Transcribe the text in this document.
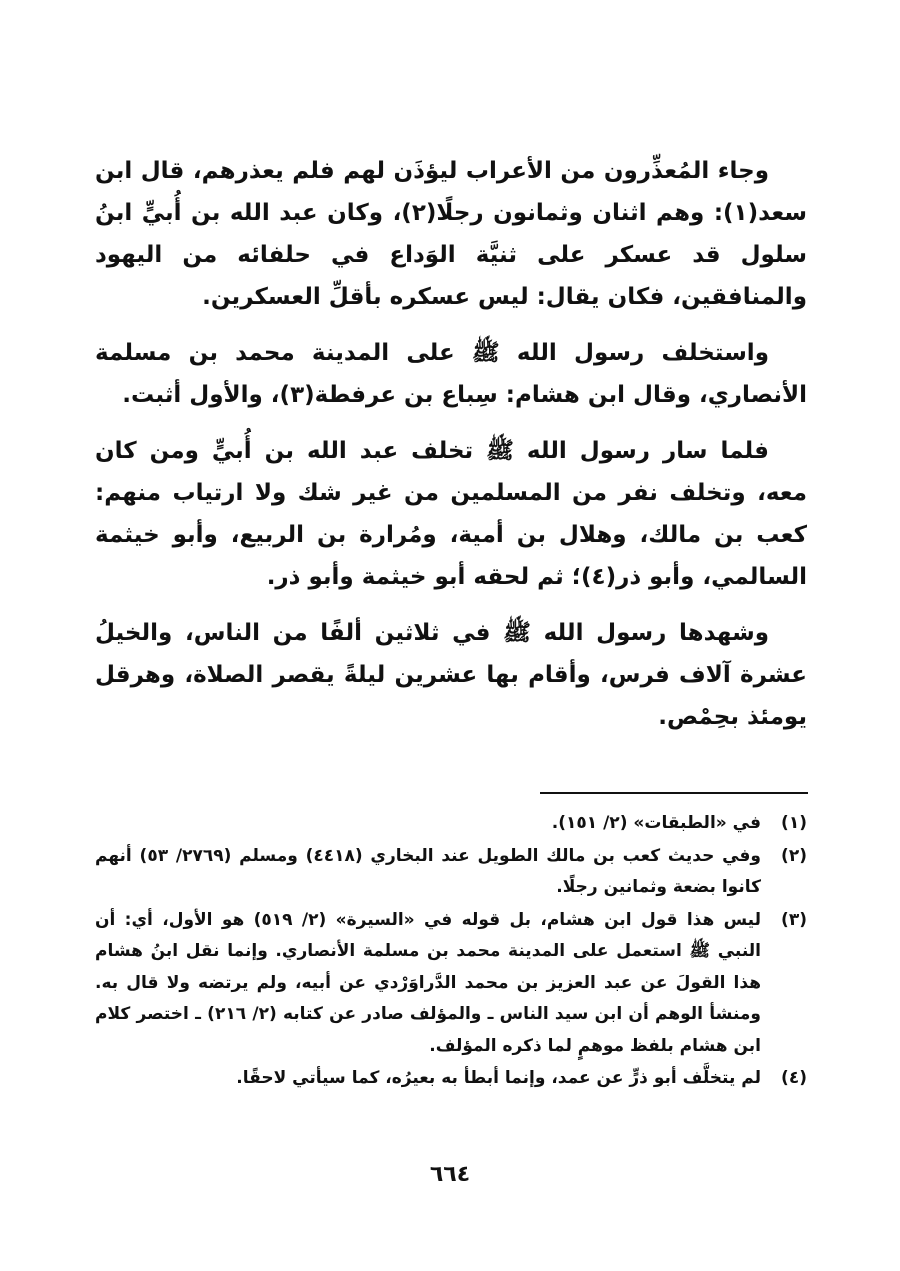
وجاء المُعذِّرون من الأعراب ليؤذَن لهم فلم يعذرهم، قال ابن سعد(١): وهم اثنان وثمانون رجلًا(٢)، وكان عبد الله بن أُبيٍّ ابنُ سلول قد عسكر على ثنيَّة الوَداع في حلفائه من اليهود والمنافقين، فكان يقال: ليس عسكره بأقلِّ العسكرين.

واستخلف رسول الله ﷺ على المدينة محمد بن مسلمة الأنصاري، وقال ابن هشام: سِباع بن عرفطة(٣)، والأول أثبت.

فلما سار رسول الله ﷺ تخلف عبد الله بن أُبيٍّ ومن كان معه، وتخلف نفر من المسلمين من غير شك ولا ارتياب منهم: كعب بن مالك، وهلال بن أمية، ومُرارة بن الربيع، وأبو خيثمة السالمي، وأبو ذر(٤)؛ ثم لحقه أبو خيثمة وأبو ذر.

وشهدها رسول الله ﷺ في ثلاثين ألفًا من الناس، والخيلُ عشرة آلاف فرس، وأقام بها عشرين ليلةً يقصر الصلاة، وهرقل يومئذ بحِمْص.

(١)
في «الطبقات» (٢/ ١٥١).
(٢)
وفي حديث كعب بن مالك الطويل عند البخاري (٤٤١٨) ومسلم (٢٧٦٩/ ٥٣) أنهم كانوا بضعة وثمانين رجلًا.
(٣)
ليس هذا قول ابن هشام، بل قوله في «السيرة» (٢/ ٥١٩) هو الأول، أي: أن النبي ﷺ استعمل على المدينة محمد بن مسلمة الأنصاري. وإنما نقل ابنُ هشام هذا القولَ عن عبد العزيز بن محمد الدَّراوَرْدي عن أبيه، ولم يرتضه ولا قال به. ومنشأ الوهم أن ابن سيد الناس ـ والمؤلف صادر عن كتابه (٢/ ٢١٦) ـ اختصر كلام ابن هشام بلفظ موهمٍ لما ذكره المؤلف.
(٤)
لم يتخلَّف أبو ذرٍّ عن عمد، وإنما أبطأ به بعيرُه، كما سيأتي لاحقًا.
٦٦٤
